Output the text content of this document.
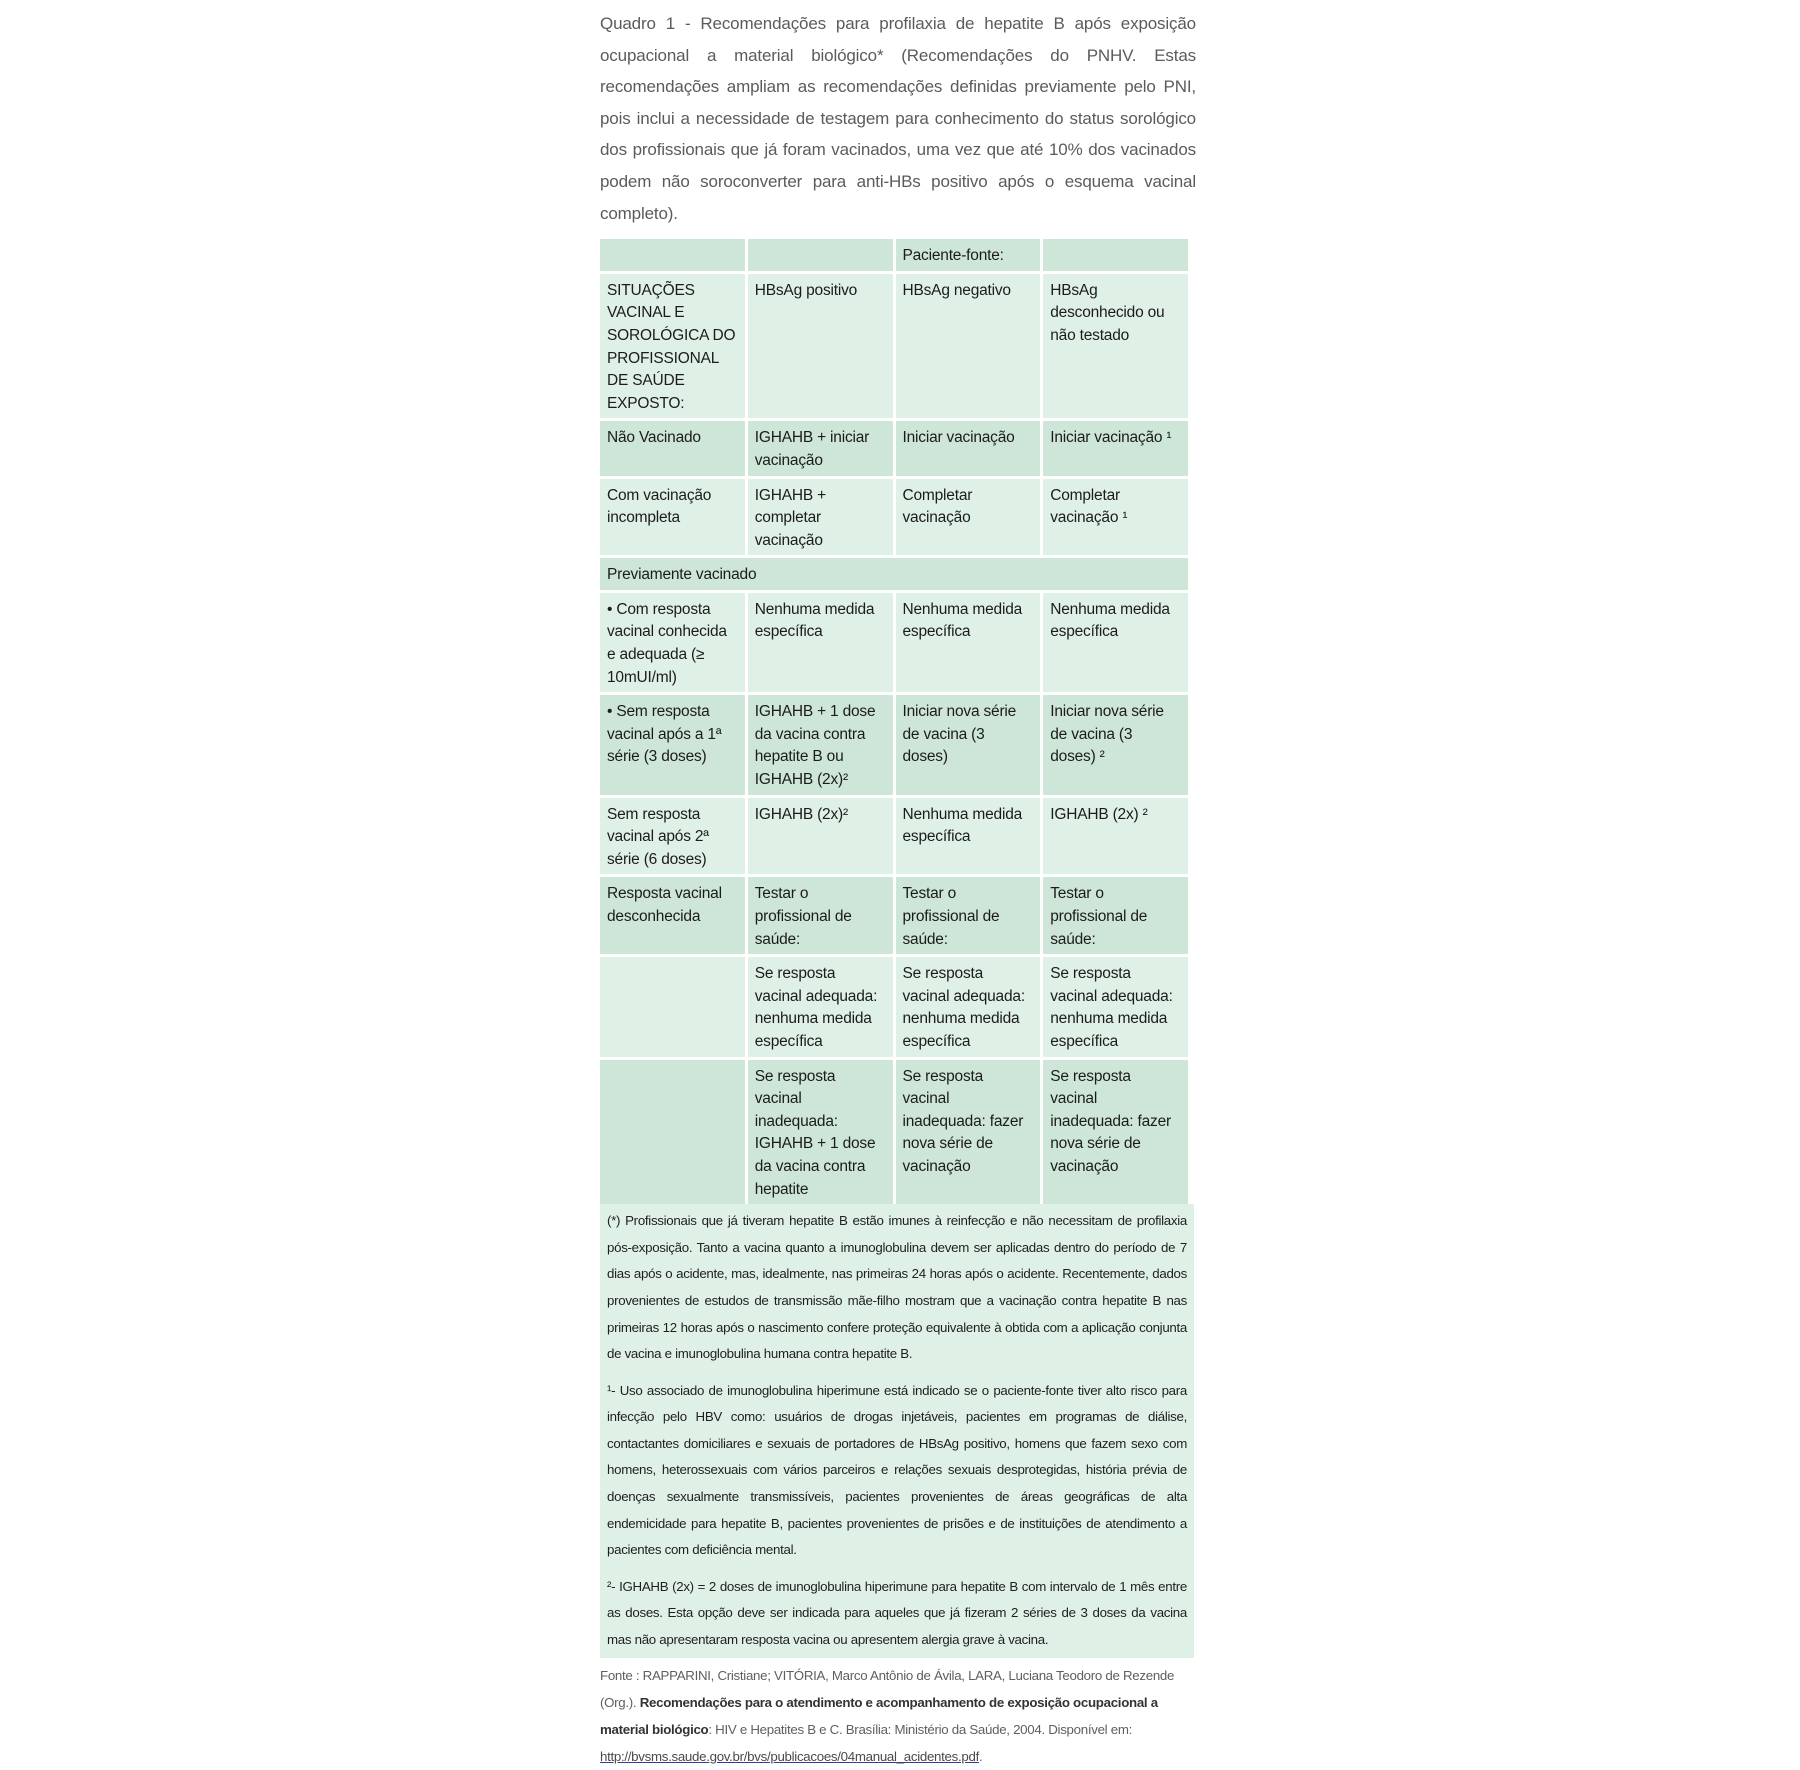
Quadro 1 - Recomendações para profilaxia de hepatite B após exposição ocupacional a material biológico* (Recomendações do PNHV. Estas recomendações ampliam as recomendações definidas previamente pelo PNI, pois inclui a necessidade de testagem para conhecimento do status sorológico dos profissionais que já foram vacinados, uma vez que até 10% dos vacinados podem não soroconverter para anti-HBs positivo após o esquema vacinal completo).

		Paciente-fonte:	
SITUAÇÕES VACINAL E SOROLÓGICA DO PROFISSIONAL DE SAÚDE EXPOSTO:	HBsAg positivo	HBsAg negativo	HBsAg desconhecido ou não testado
Não Vacinado	IGHAHB + iniciar vacinação	Iniciar vacinação	Iniciar vacinação ¹
Com vacinação incompleta	IGHAHB + completar vacinação	Completar vacinação	Completar vacinação ¹
Previamente vacinado			
• Com resposta vacinal conhecida e adequada (≥ 10mUI/ml)	Nenhuma medida específica	Nenhuma medida específica	Nenhuma medida específica
• Sem resposta vacinal após a 1ª série (3 doses)	IGHAHB + 1 dose da vacina contra hepatite B ou IGHAHB (2x)²	Iniciar nova série de vacina (3 doses)	Iniciar nova série de vacina (3 doses) ²
Sem resposta vacinal após 2ª série (6 doses)	IGHAHB (2x)²	Nenhuma medida específica	IGHAHB (2x) ²
Resposta vacinal desconhecida	Testar o profissional de saúde:	Testar o profissional de saúde:	Testar o profissional de saúde:
	Se resposta vacinal adequada: nenhuma medida específica	Se resposta vacinal adequada: nenhuma medida específica	Se resposta vacinal adequada: nenhuma medida específica
	Se resposta vacinal inadequada: IGHAHB + 1 dose da vacina contra hepatite	Se resposta vacinal inadequada: fazer nova série de vacinação	Se resposta vacinal inadequada: fazer nova série de vacinação

(*) Profissionais que já tiveram hepatite B estão imunes à reinfecção e não necessitam de profilaxia pós-exposição. Tanto a vacina quanto a imunoglobulina devem ser aplicadas dentro do período de 7 dias após o acidente, mas, idealmente, nas primeiras 24 horas após o acidente. Recentemente, dados provenientes de estudos de transmissão mãe-filho mostram que a vacinação contra hepatite B nas primeiras 12 horas após o nascimento confere proteção equivalente à obtida com a aplicação conjunta de vacina e imunoglobulina humana contra hepatite B.

¹- Uso associado de imunoglobulina hiperimune está indicado se o paciente-fonte tiver alto risco para infecção pelo HBV como: usuários de drogas injetáveis, pacientes em programas de diálise, contactantes domiciliares e sexuais de portadores de HBsAg positivo, homens que fazem sexo com homens, heterossexuais com vários parceiros e relações sexuais desprotegidas, história prévia de doenças sexualmente transmissíveis, pacientes provenientes de áreas geográficas de alta endemicidade para hepatite B, pacientes provenientes de prisões e de instituições de atendimento a pacientes com deficiência mental.

²- IGHAHB (2x) = 2 doses de imunoglobulina hiperimune para hepatite B com intervalo de 1 mês entre as doses. Esta opção deve ser indicada para aqueles que já fizeram 2 séries de 3 doses da vacina mas não apresentaram resposta vacina ou apresentem alergia grave à vacina.

Fonte : RAPPARINI, Cristiane; VITÓRIA, Marco Antônio de Ávila, LARA, Luciana Teodoro de Rezende (Org.). Recomendações para o atendimento e acompanhamento de exposição ocupacional a material biológico: HIV e Hepatites B e C. Brasília: Ministério da Saúde, 2004. Disponível em: http://bvsms.saude.gov.br/bvs/publicacoes/04manual_acidentes.pdf.
